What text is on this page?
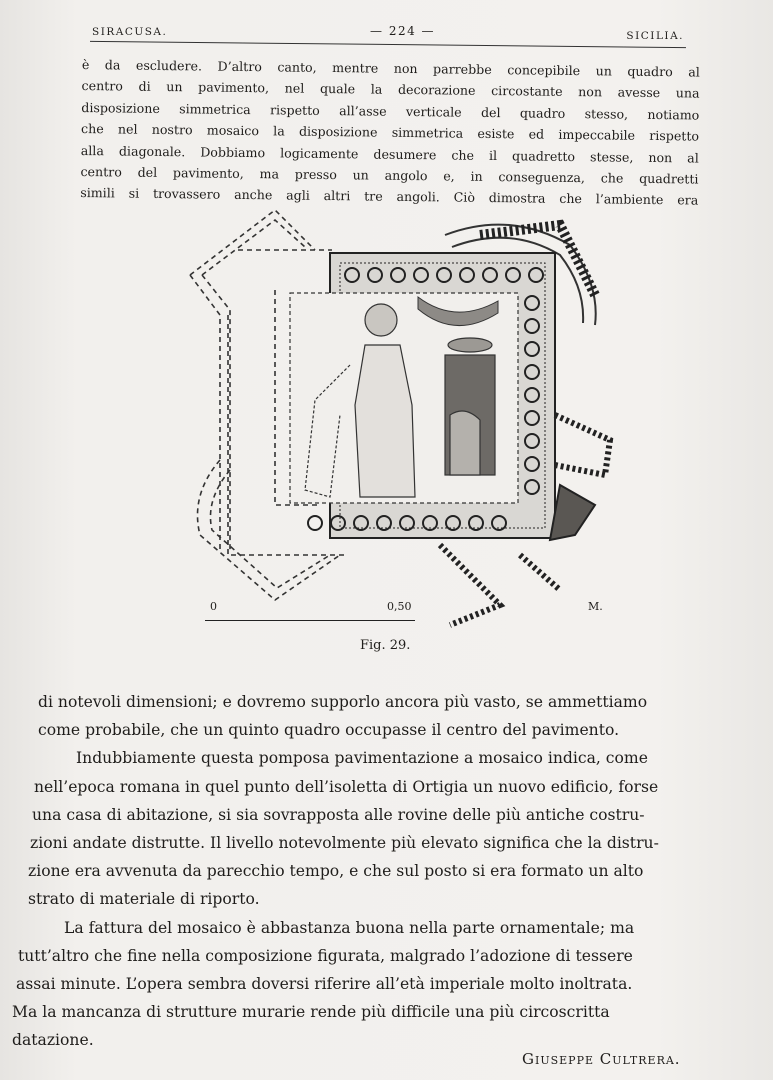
SIRACUSA.	— 224 —	SICILIA.
è da escludere. D’altro canto, mentre non parrebbe concepibile un quadro al
centro di un pavimento, nel quale la decorazione circostante non avesse una
disposizione simmetrica rispetto all’asse verticale del quadro stesso, notiamo
che nel nostro mosaico la disposizione simmetrica esiste ed impeccabile rispetto
alla diagonale. Dobbiamo logicamente desumere che il quadretto stesse, non al
centro del pavimento, ma presso un angolo e, in conseguenza, che quadretti
simili si trovassero anche agli altri tre angoli. Ciò dimostra che l’ambiente era
0	0,50	M.
Fig. 29.
di notevoli dimensioni; e dovremo supporlo ancora più vasto, se ammettiamo
come probabile, che un quinto quadro occupasse il centro del pavimento.
Indubbiamente questa pomposa pavimentazione a mosaico indica, come
nell’epoca romana in quel punto dell’isoletta di Ortigia un nuovo edificio, forse
una casa di abitazione, si sia sovrapposta alle rovine delle più antiche costru-
zioni andate distrutte. Il livello notevolmente più elevato significa che la distru-
zione era avvenuta da parecchio tempo, e che sul posto si era formato un alto
strato di materiale di riporto.
La fattura del mosaico è abbastanza buona nella parte ornamentale; ma
tutt’altro che fine nella composizione figurata, malgrado l’adozione di tessere
assai minute. L’opera sembra doversi riferire all’età imperiale molto inoltrata.
Ma la mancanza di strutture murarie rende più difficile una più circoscritta
datazione.
Giuseppe Cultrera.
